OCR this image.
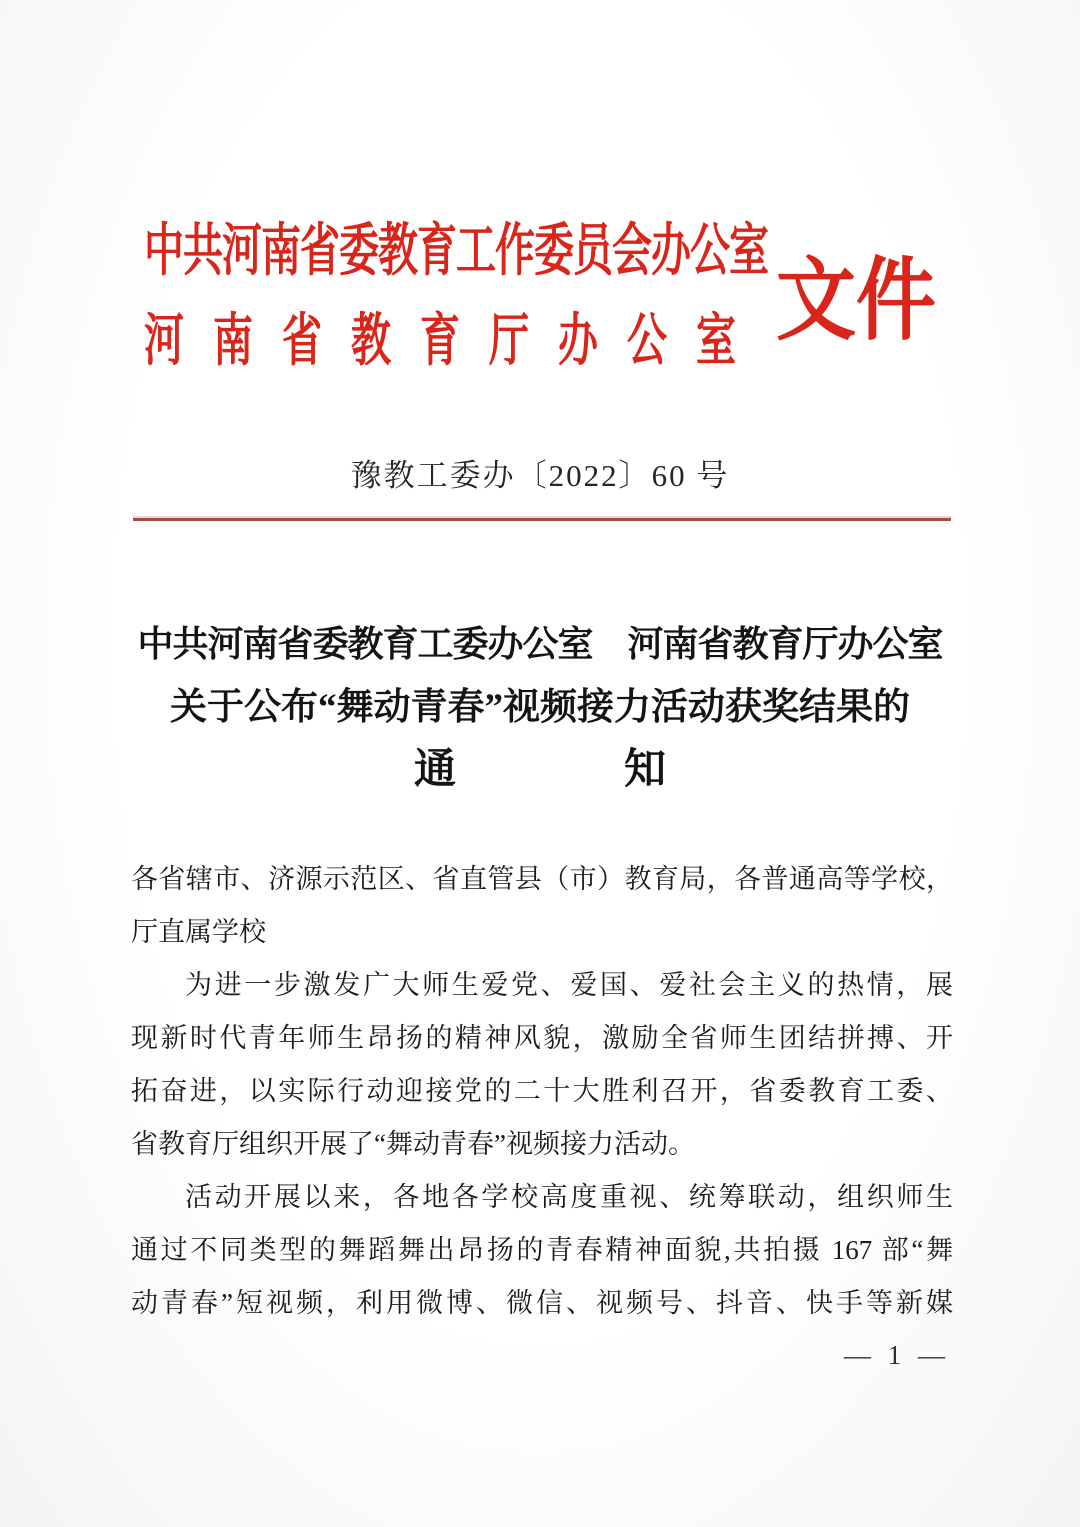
中共河南省委教育工作委员会办公室
河南省教育厅办公室 文件
豫教工委办〔2022〕60 号
中共河南省委教育工委办公室　河南省教育厅办公室
关于公布“舞动青春”视频接力活动获奖结果的
通　　　　知
各省辖市、济源示范区、省直管县（市）教育局，各普通高等学校，
厅直属学校
为进一步激发广大师生爱党、爱国、爱社会主义的热情，展
现新时代青年师生昂扬的精神风貌，激励全省师生团结拼搏、开
拓奋进，以实际行动迎接党的二十大胜利召开，省委教育工委、
省教育厅组织开展了“舞动青春”视频接力活动。
活动开展以来，各地各学校高度重视、统筹联动，组织师生
通过不同类型的舞蹈舞出昂扬的青春精神面貌,共拍摄 167 部“舞
动青春”短视频，利用微博、微信、视频号、抖音、快手等新媒
— 1 —
